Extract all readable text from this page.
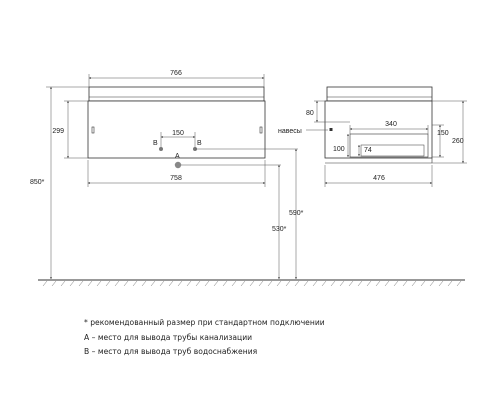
766
758
299
850*
150
B	B
A
590*
530*
навесы
340
74
100
80
150
260
476
* рекомендованный размер при стандартном подключении
A – место для вывода трубы канализации
B – место для вывода труб водоснабжения
